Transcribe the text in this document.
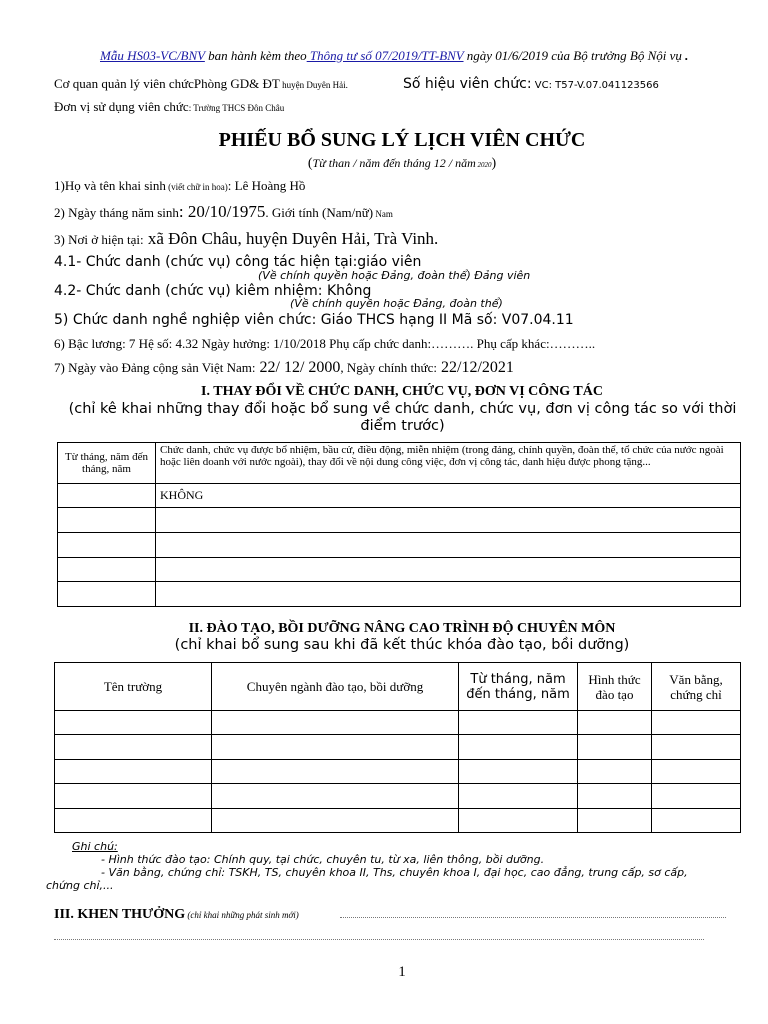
Mẫu HS03-VC/BNV ban hành kèm theo Thông tư số 07/2019/TT-BNV ngày 01/6/2019 của Bộ trưởng Bộ Nội vụ .
Cơ quan quản lý viên chứcPhòng GD& ĐT huyện Duyên Hải.	Số hiệu viên chức: VC: T57-V.07.041123566
Đơn vị sử dụng viên chức: Trường THCS Đôn Châu
PHIẾU BỔ SUNG LÝ LỊCH VIÊN CHỨC
(Từ than / năm đến tháng 12 / năm 2020)
1)Họ và tên khai sinh (viết chữ in hoa): Lê Hoàng Hồ
2) Ngày tháng năm sinh: 20/10/1975. Giới tính (Nam/nữ) Nam
3) Nơi ở hiện tại: xã Đôn Châu, huyện Duyên Hải, Trà Vinh.
4.1- Chức danh (chức vụ) công tác hiện tại:giáo viên
(Về chính quyền hoặc Đảng, đoàn thể) Đảng viên
4.2- Chức danh (chức vụ) kiêm nhiệm: Không
(Về chính quyền hoặc Đảng, đoàn thể)
5) Chức danh nghề nghiệp viên chức: Giáo THCS hạng II Mã số: V07.04.11
6) Bậc lương: 7 Hệ số: 4.32 Ngày hưởng: 1/10/2018 Phụ cấp chức danh:………. Phụ cấp khác:………..
7) Ngày vào Đảng cộng sản Việt Nam: 22/ 12/ 2000, Ngày chính thức: 22/12/2021
I. THAY ĐỔI VỀ CHỨC DANH, CHỨC VỤ, ĐƠN VỊ CÔNG TÁC
(chỉ kê khai những thay đổi hoặc bổ sung về chức danh, chức vụ, đơn vị công tác so với thời điểm trước)
Từ tháng, năm đến tháng, năm	Chức danh, chức vụ được bổ nhiệm, bầu cử, điều động, miễn nhiệm (trong đảng, chính quyền, đoàn thể, tổ chức của nước ngoài hoặc liên doanh với nước ngoài), thay đổi về nội dung công việc, đơn vị công tác, danh hiệu được phong tặng...
	KHÔNG

II. ĐÀO TẠO, BỒI DƯỠNG NÂNG CAO TRÌNH ĐỘ CHUYÊN MÔN
(chỉ khai bổ sung sau khi đã kết thúc khóa đào tạo, bồi dưỡng)
Tên trường	Chuyên ngành đào tạo, bồi dưỡng	Từ tháng, năm đến tháng, năm	Hình thức đào tạo	Văn bằng, chứng chỉ

Ghi chú:
- Hình thức đào tạo: Chính quy, tại chức, chuyên tu, từ xa, liên thông, bồi dưỡng.
- Văn bằng, chứng chỉ: TSKH, TS, chuyên khoa II, Ths, chuyên khoa I, đại học, cao đẳng, trung cấp, sơ cấp,
chứng chỉ,...
III. KHEN THƯỞNG (chỉ khai những phát sinh mới)
1
